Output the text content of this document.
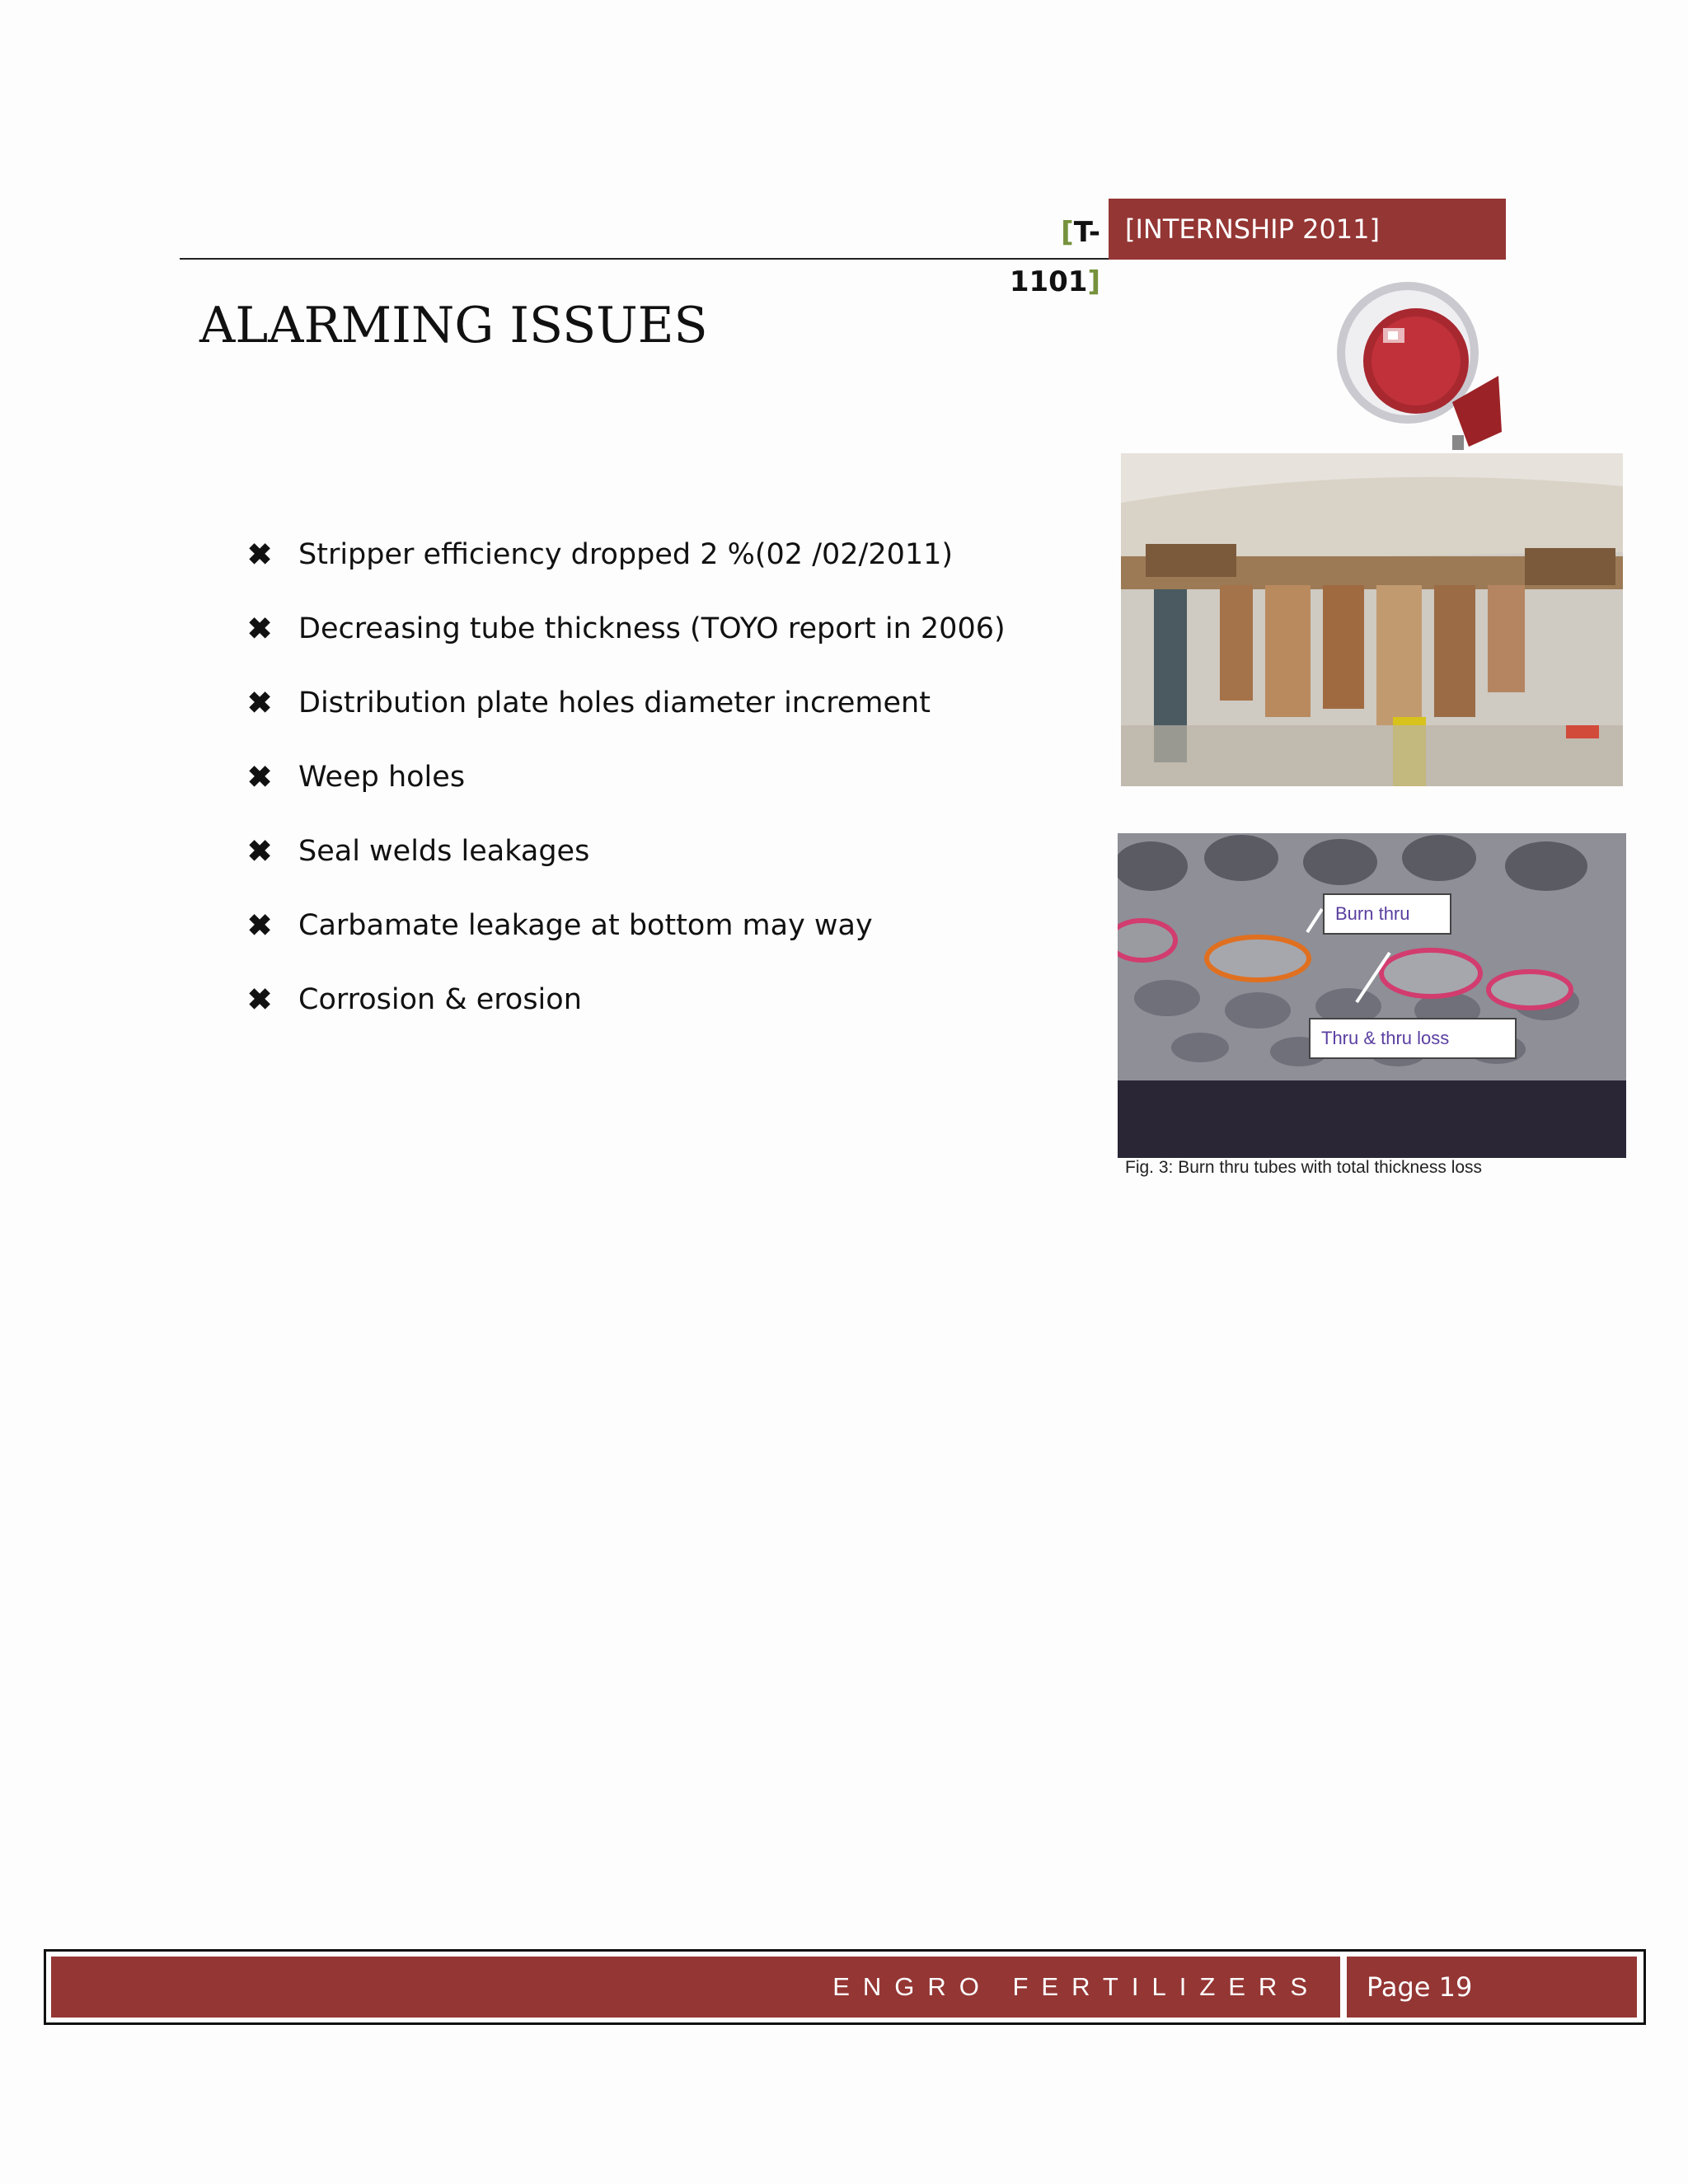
[T-1101]
[INTERNSHIP 2011]
ALARMING ISSUES
✖ Stripper efficiency dropped 2 %(02 /02/2011)
✖ Decreasing tube thickness (TOYO report in 2006)
✖ Distribution plate holes diameter increment
✖ Weep holes
✖ Seal welds leakages
✖ Carbamate leakage at bottom may way
✖ Corrosion & erosion
Burn thru
Thru & thru loss
Fig. 3: Burn thru tubes with total thickness loss
ENGRO FERTILIZERS	Page 19
